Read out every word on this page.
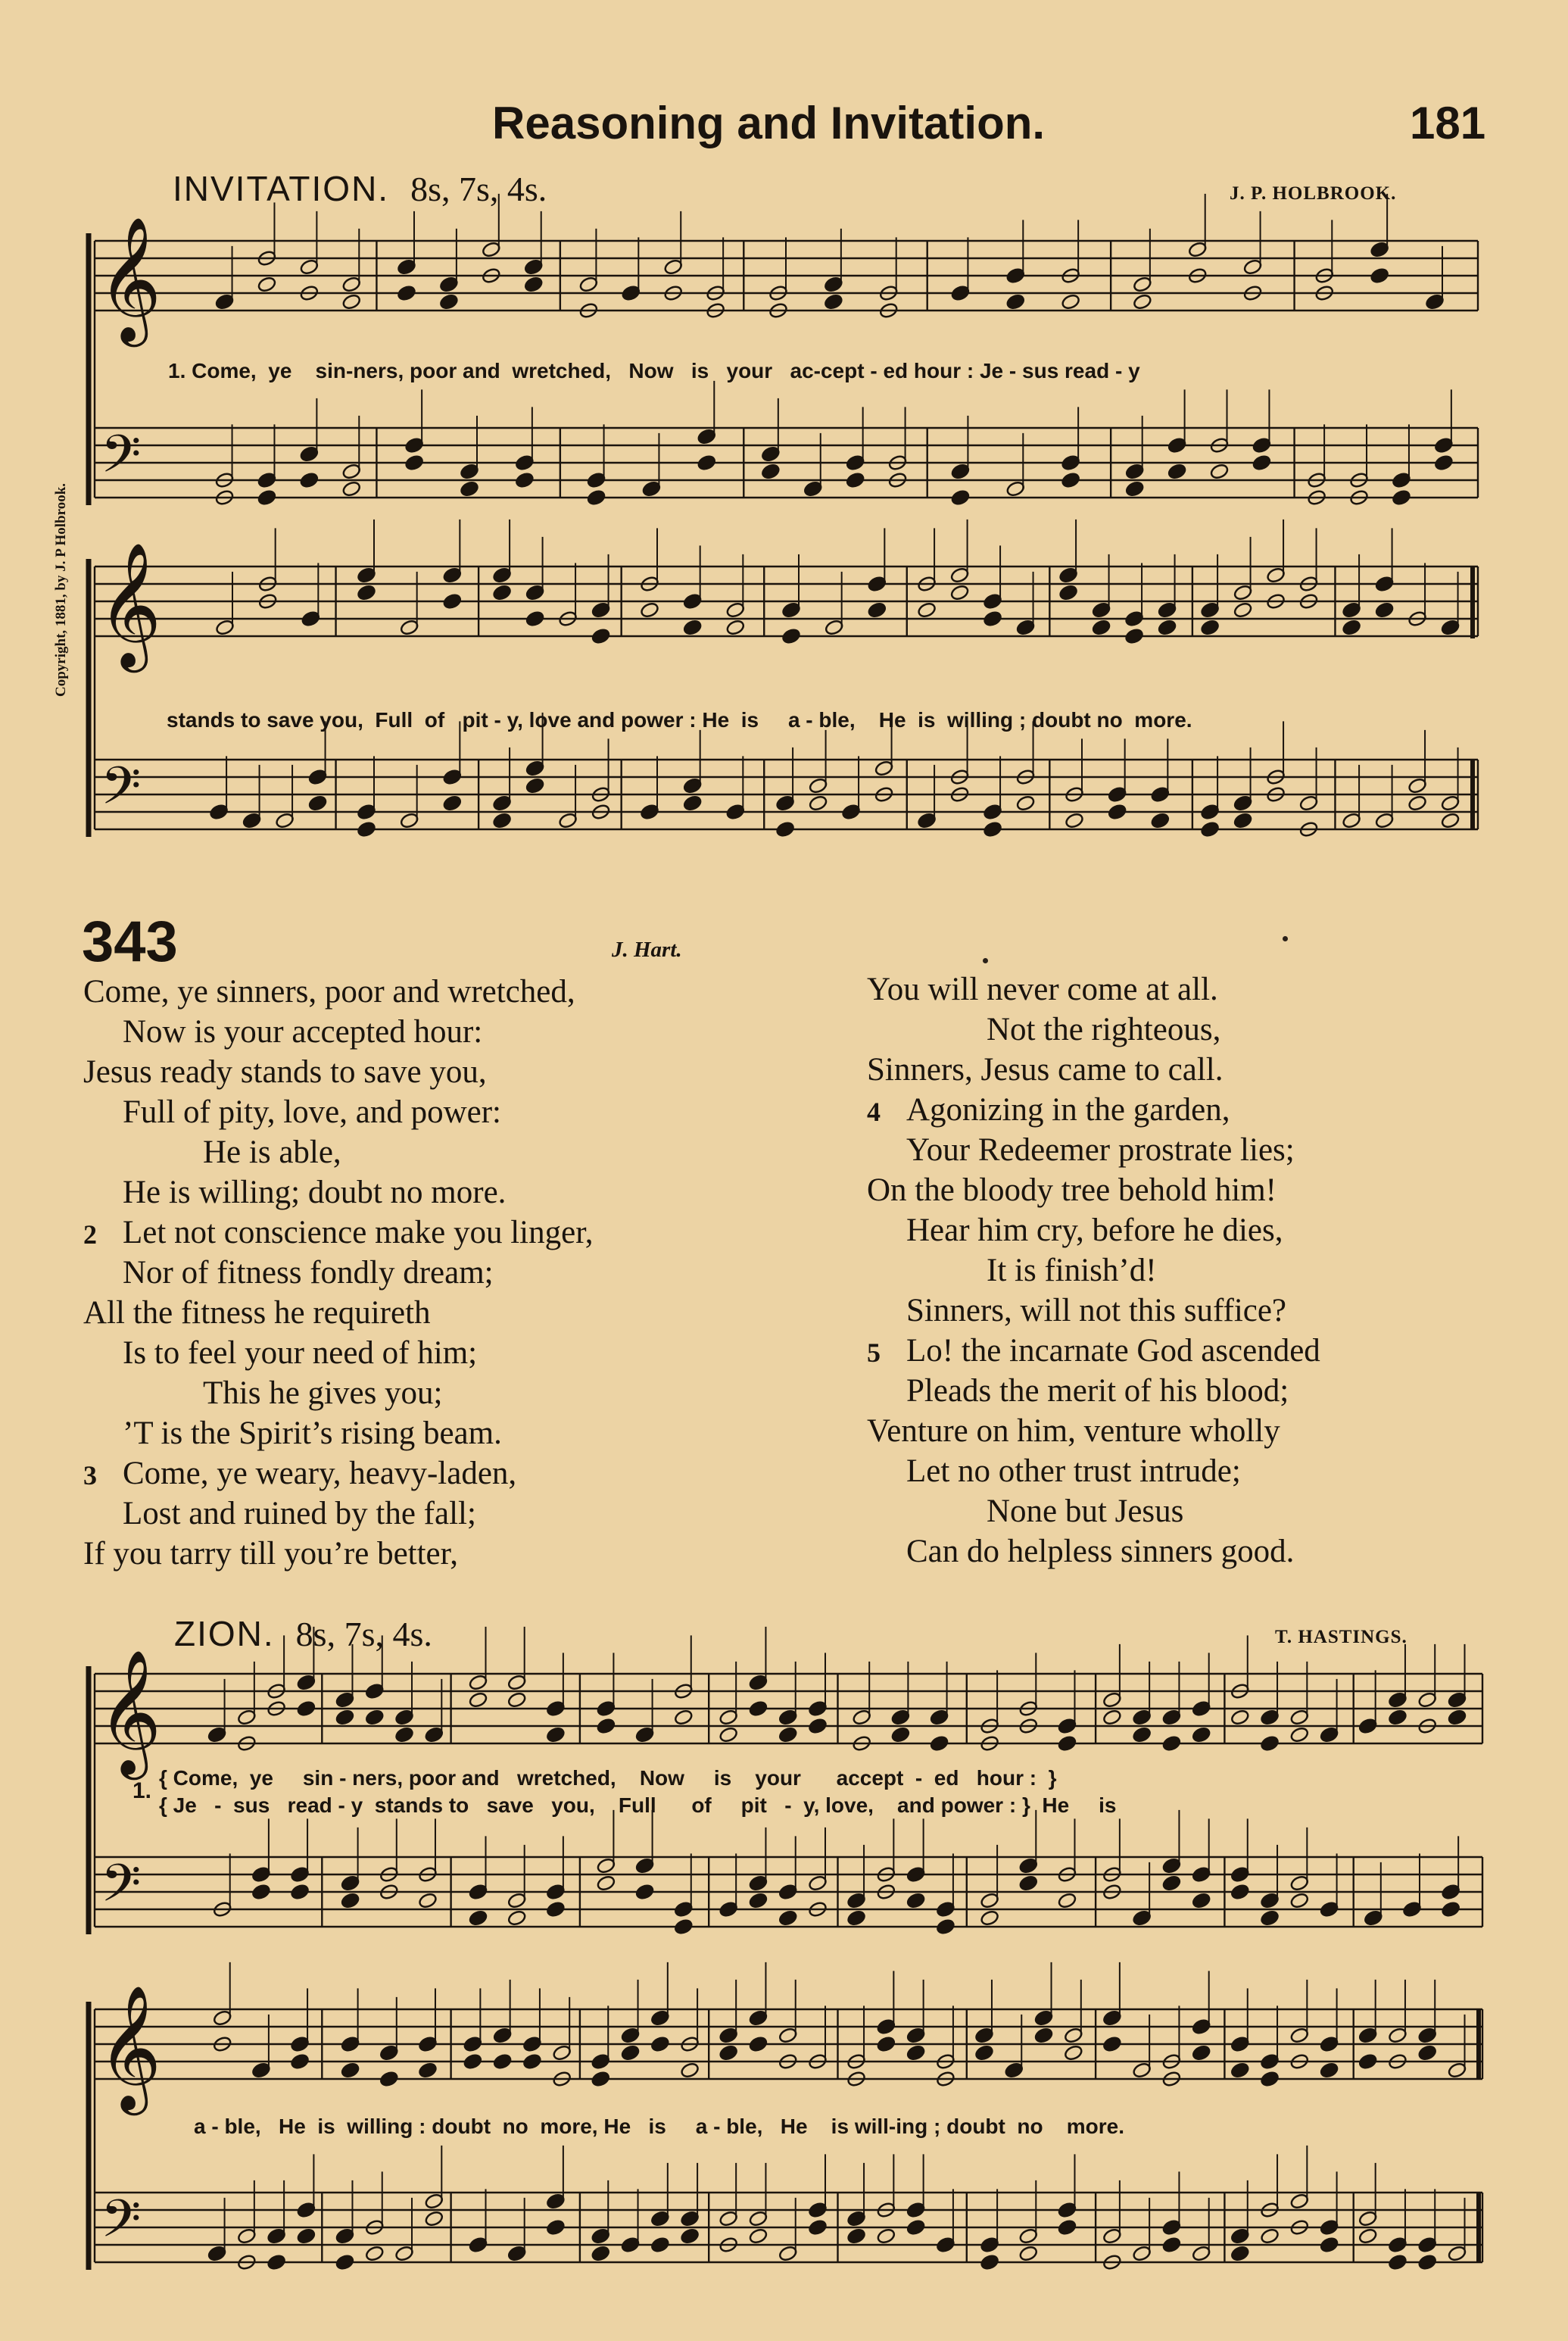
Reasoning and Invitation.	181
Copyright, 1881, by J. P Holbrook.
INVITATION. 8s, 7s, 4s.	J. P. HOLBROOK.
𝄞
𝄢
𝄞
𝄢
𝄞
𝄢
𝄞
𝄢
1. Come,  ye    sin-ners, poor and  wretched,   Now   is   your   ac-cept - ed hour : Je - sus read - y
stands to save you,  Full  of   pit - y, love and power : He  is     a - ble,    He  is  willing ; doubt no  more.
343	J. Hart.
Come, ye sinners, poor and wretched,
Now is your accepted hour:
Jesus ready stands to save you,
Full of pity, love, and power:
He is able,
He is willing; doubt no more.
2 Let not conscience make you linger,
Nor of fitness fondly dream;
All the fitness he requireth
Is to feel your need of him;
This he gives you;
’T is the Spirit’s rising beam.
3 Come, ye weary, heavy-laden,
Lost and ruined by the fall;
If you tarry till you’re better,
You will never come at all.
Not the righteous,
Sinners, Jesus came to call.
4 Agonizing in the garden,
Your Redeemer prostrate lies;
On the bloody tree behold him!
Hear him cry, before he dies,
It is finish’d!
Sinners, will not this suffice?
5 Lo! the incarnate God ascended
Pleads the merit of his blood;
Venture on him, venture wholly
Let no other trust intrude;
None but Jesus
Can do helpless sinners good.
ZION. 8s, 7s, 4s.	T. HASTINGS.
1.
{ Come,  ye     sin - ners, poor and   wretched,    Now     is    your      accept  -  ed   hour :  }
{ Je   -  sus   read - y  stands to   save   you,    Full      of     pit   -  y, love,    and power : }  He     is
a - ble,   He  is  willing : doubt  no  more, He   is     a - ble,   He    is will-ing ; doubt  no    more.
